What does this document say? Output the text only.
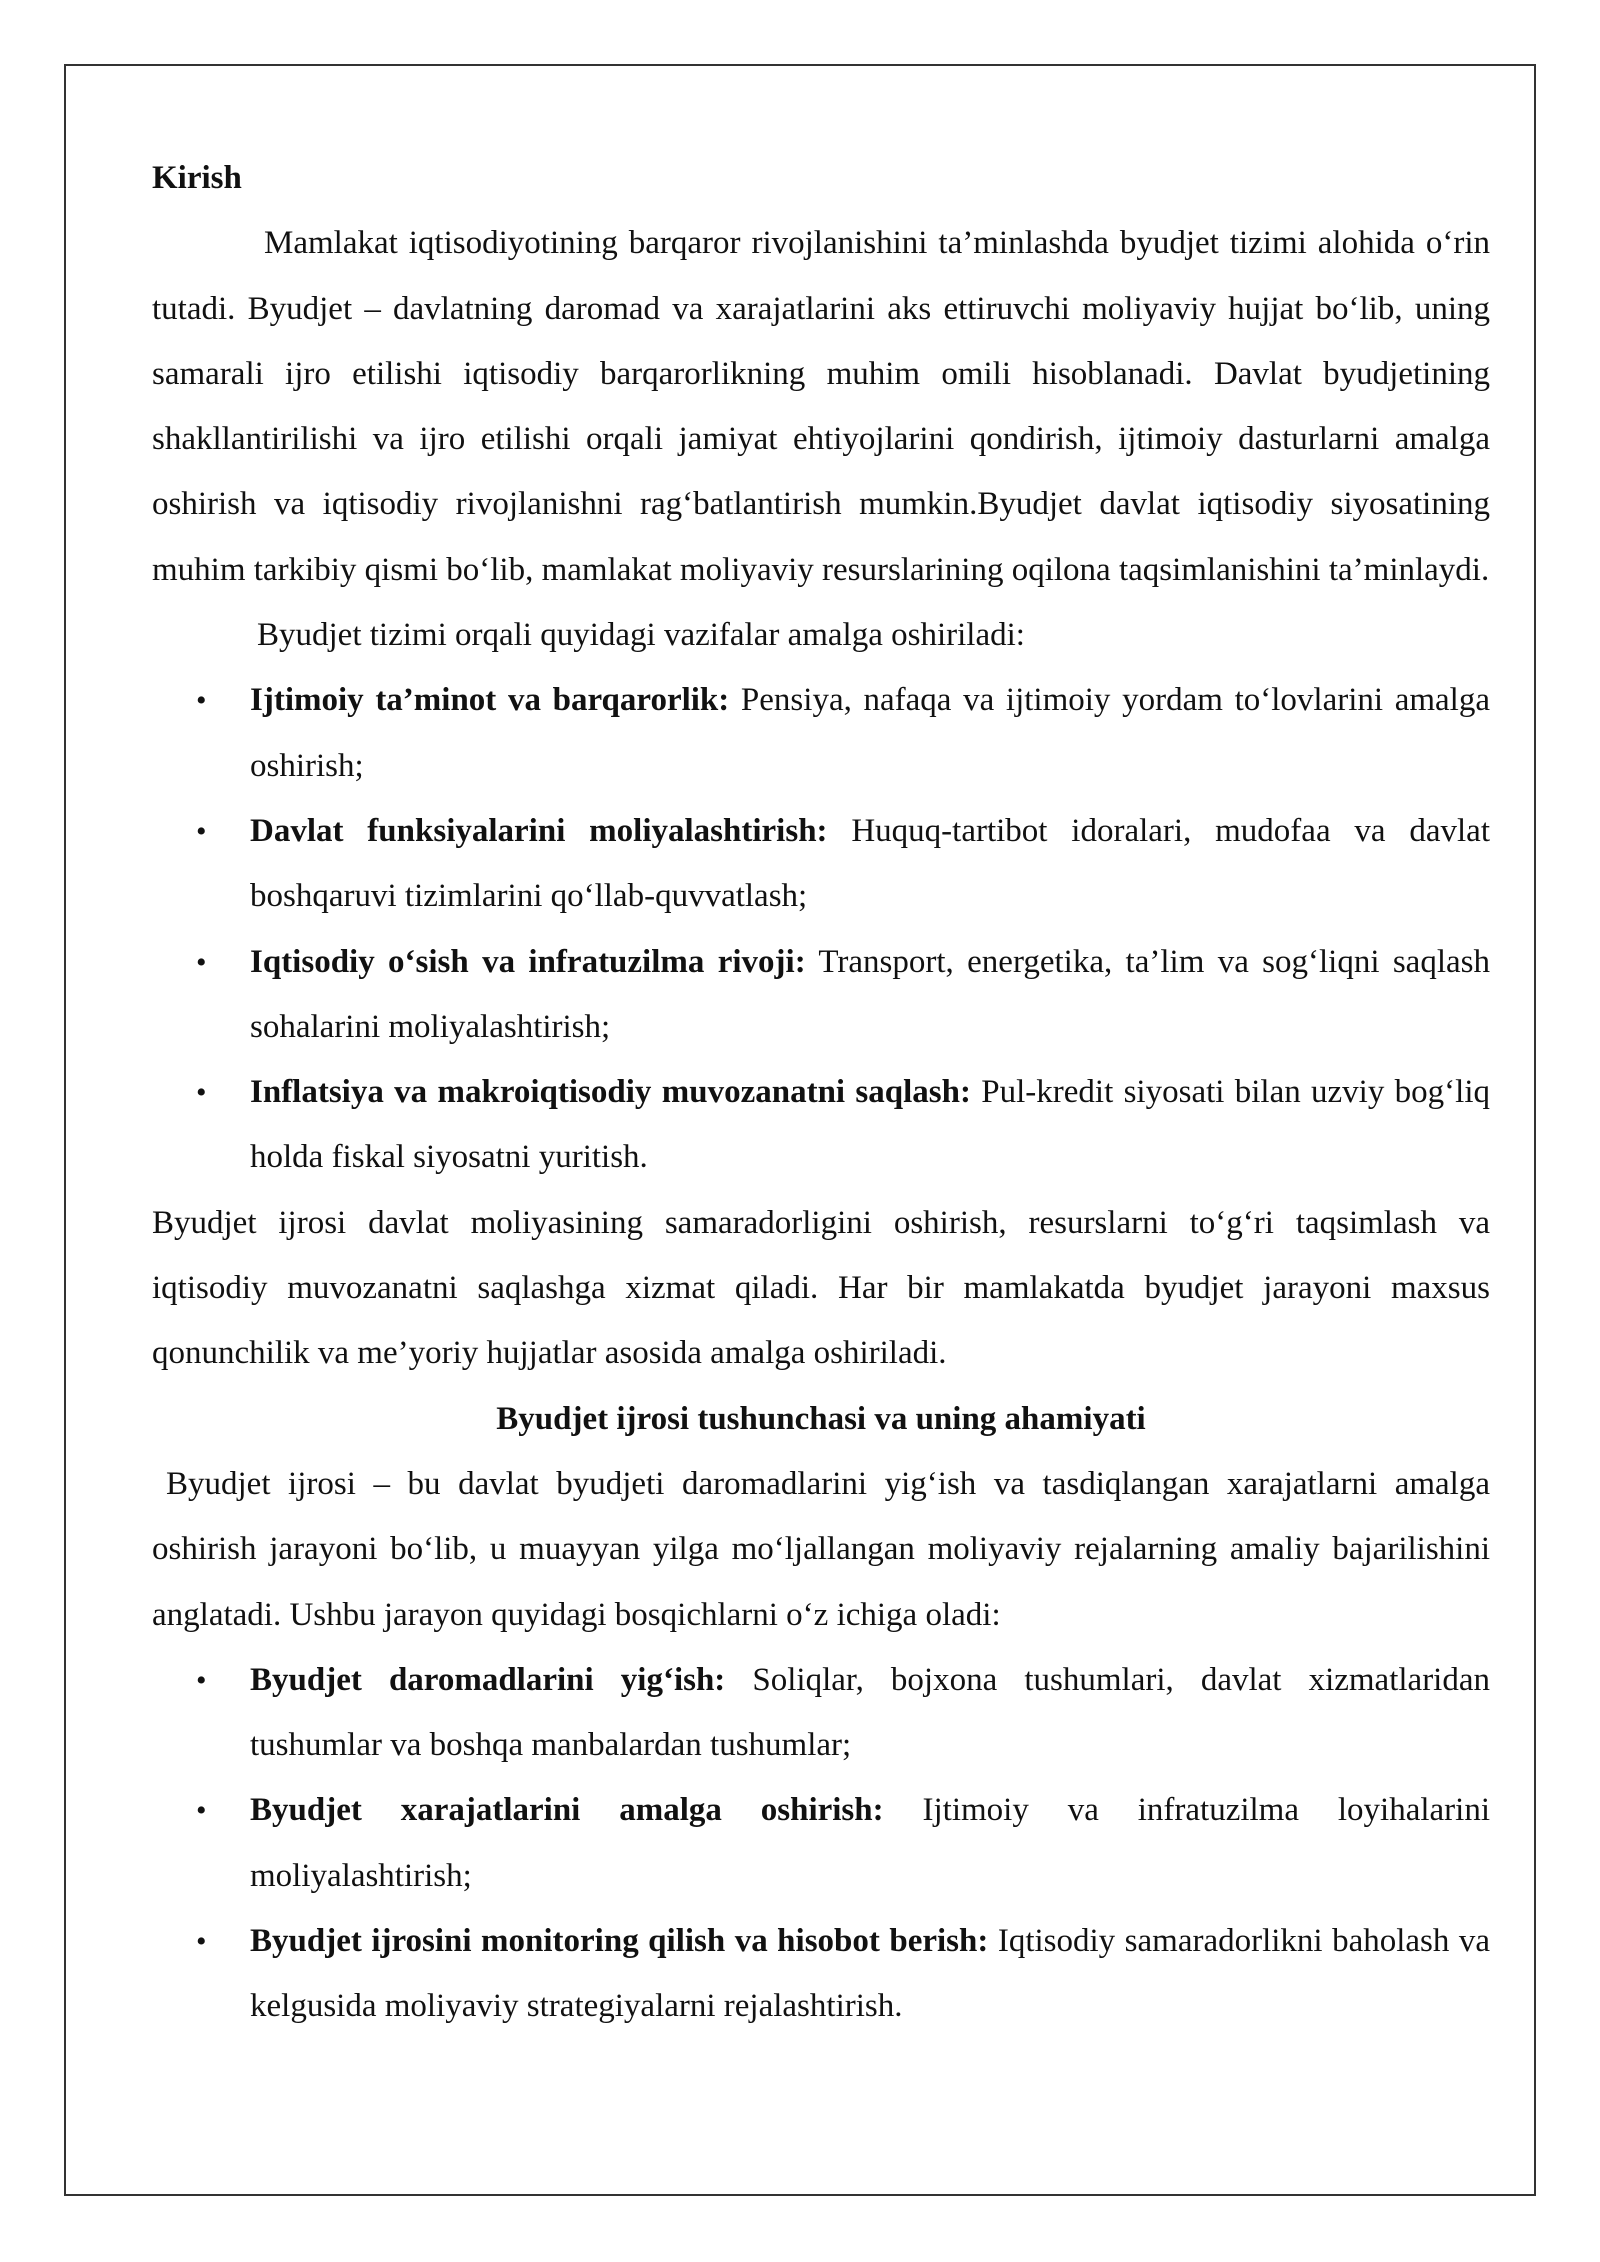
Kirish

Mamlakat iqtisodiyotining barqaror rivojlanishini ta’minlashda byudjet tizimi alohida o‘rin tutadi. Byudjet – davlatning daromad va xarajatlarini aks ettiruvchi moliyaviy hujjat bo‘lib, uning samarali ijro etilishi iqtisodiy barqarorlikning muhim omili hisoblanadi. Davlat byudjetining shakllantirilishi va ijro etilishi orqali jamiyat ehtiyojlarini qondirish, ijtimoiy dasturlarni amalga oshirish va iqtisodiy rivojlanishni rag‘batlantirish mumkin.Byudjet davlat iqtisodiy siyosatining muhim tarkibiy qismi bo‘lib, mamlakat moliyaviy resurslarining oqilona taqsimlanishini ta’minlaydi.

Byudjet tizimi orqali quyidagi vazifalar amalga oshiriladi:

• Ijtimoiy ta’minot va barqarorlik: Pensiya, nafaqa va ijtimoiy yordam to‘lovlarini amalga oshirish;
• Davlat funksiyalarini moliyalashtirish: Huquq-tartibot idoralari, mudofaa va davlat boshqaruvi tizimlarini qo‘llab-quvvatlash;
• Iqtisodiy o‘sish va infratuzilma rivoji: Transport, energetika, ta’lim va sog‘liqni saqlash sohalarini moliyalashtirish;
• Inflatsiya va makroiqtisodiy muvozanatni saqlash: Pul-kredit siyosati bilan uzviy bog‘liq holda fiskal siyosatni yuritish.

Byudjet ijrosi davlat moliyasining samaradorligini oshirish, resurslarni to‘g‘ri taqsimlash va iqtisodiy muvozanatni saqlashga xizmat qiladi. Har bir mamlakatda byudjet jarayoni maxsus qonunchilik va me’yoriy hujjatlar asosida amalga oshiriladi.

Byudjet ijrosi tushunchasi va uning ahamiyati

Byudjet ijrosi – bu davlat byudjeti daromadlarini yig‘ish va tasdiqlangan xarajatlarni amalga oshirish jarayoni bo‘lib, u muayyan yilga mo‘ljallangan moliyaviy rejalarning amaliy bajarilishini anglatadi. Ushbu jarayon quyidagi bosqichlarni o‘z ichiga oladi:

• Byudjet daromadlarini yig‘ish: Soliqlar, bojxona tushumlari, davlat xizmatlaridan tushumlar va boshqa manbalardan tushumlar;
• Byudjet xarajatlarini amalga oshirish: Ijtimoiy va infratuzilma loyihalarini moliyalashtirish;
• Byudjet ijrosini monitoring qilish va hisobot berish: Iqtisodiy samaradorlikni baholash va kelgusida moliyaviy strategiyalarni rejalashtirish.
